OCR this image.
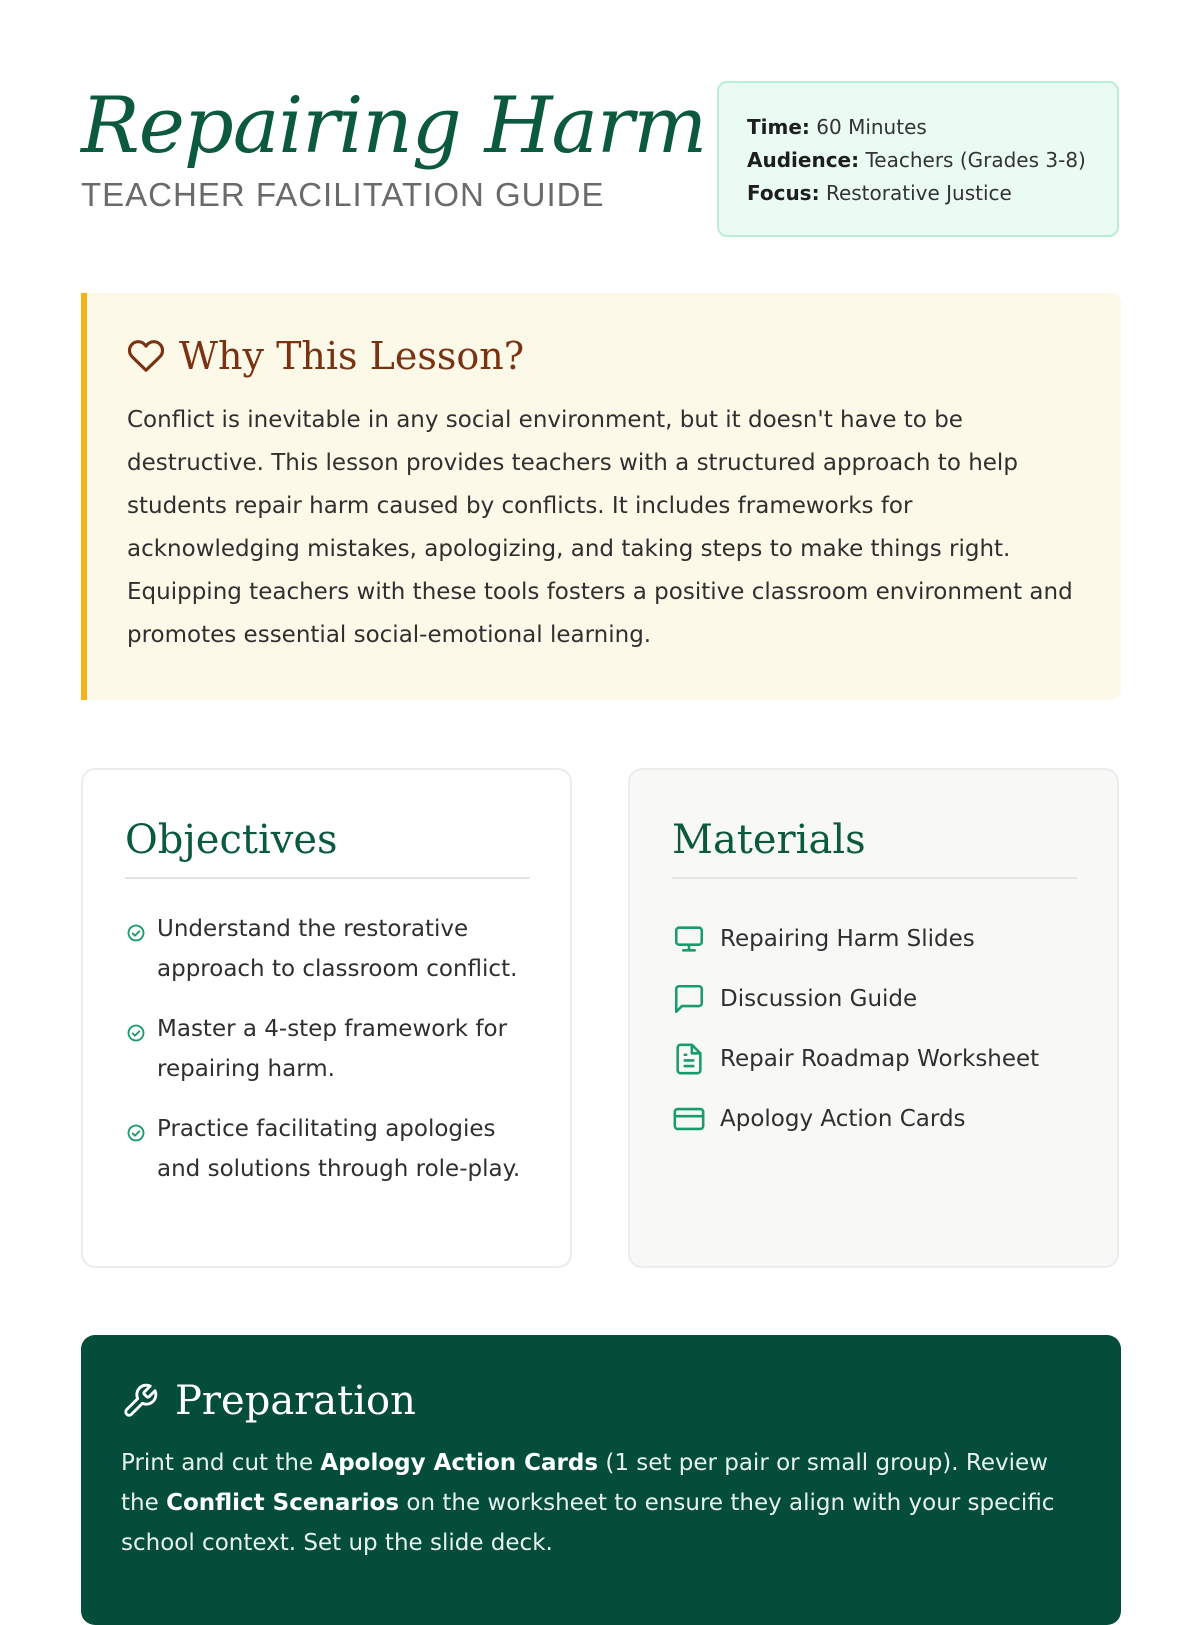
Repairing Harm
TEACHER FACILITATION GUIDE
Time: 60 Minutes
Audience: Teachers (Grades 3-8)
Focus: Restorative Justice
Why This Lesson?
Conflict is inevitable in any social environment, but it doesn't have to be destructive. This lesson provides teachers with a structured approach to help students repair harm caused by conflicts. It includes frameworks for acknowledging mistakes, apologizing, and taking steps to make things right. Equipping teachers with these tools fosters a positive classroom environment and promotes essential social-emotional learning.
Objectives
Understand the restorative approach to classroom conflict.
Master a 4-step framework for repairing harm.
Practice facilitating apologies and solutions through role-play.
Materials
Repairing Harm Slides
Discussion Guide
Repair Roadmap Worksheet
Apology Action Cards
Preparation
Print and cut the Apology Action Cards (1 set per pair or small group). Review the Conflict Scenarios on the worksheet to ensure they align with your specific school context. Set up the slide deck.
